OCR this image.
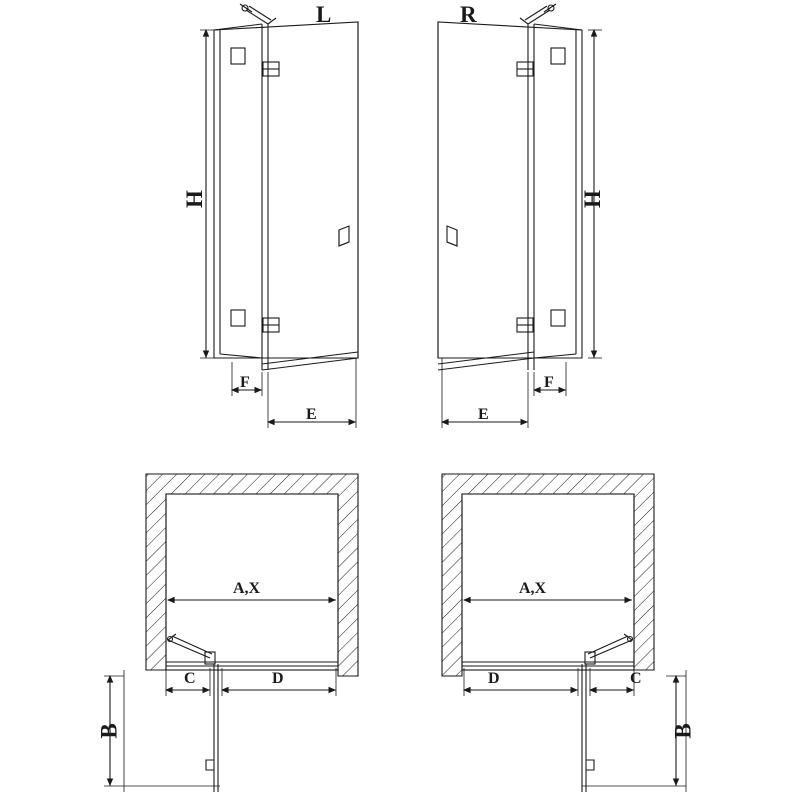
L	R
H	H
F
E	E
F
A,X	A,X
C	D	D	C
B	B
